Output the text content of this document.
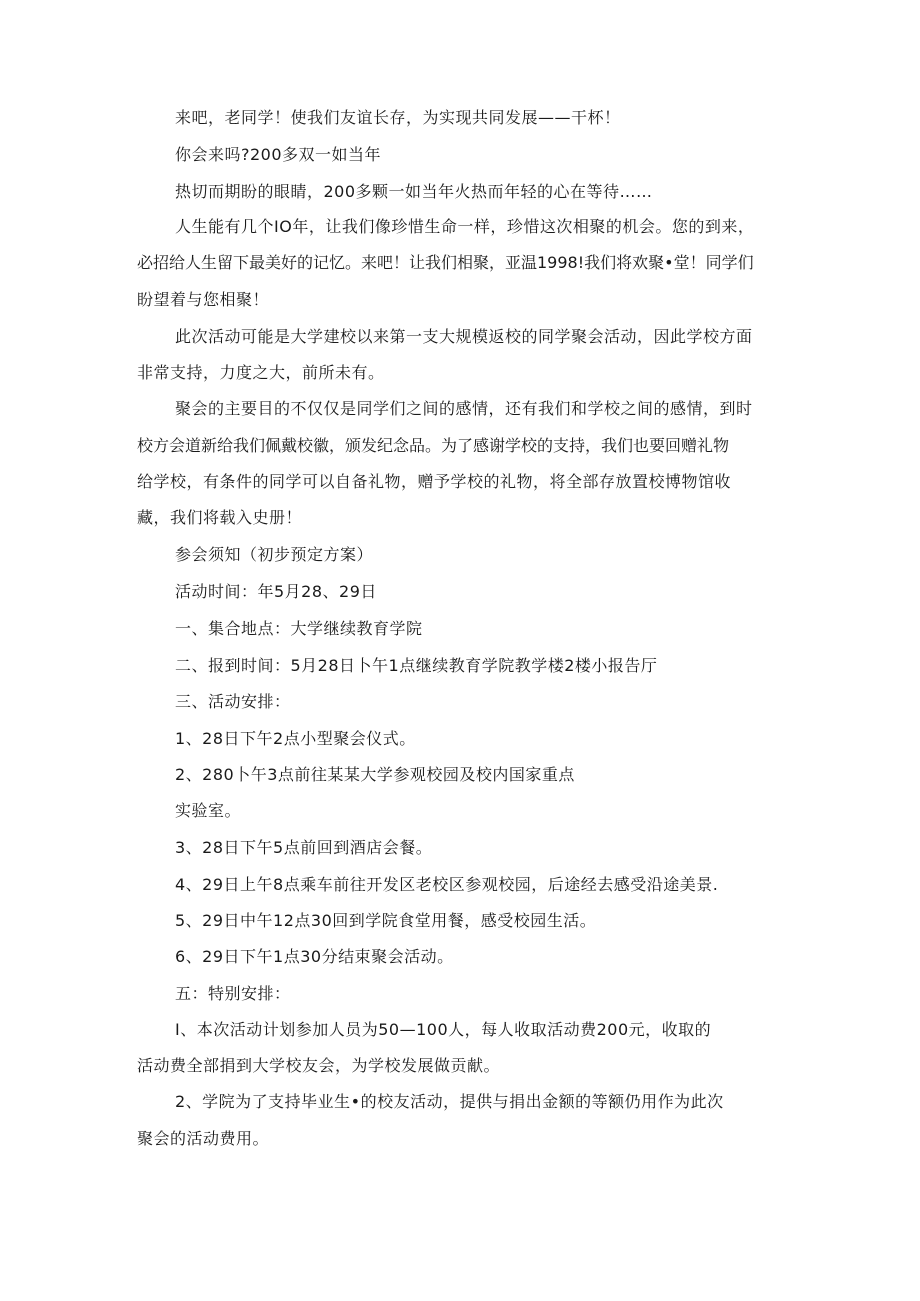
来吧，老同学！使我们友谊长存，为实现共同发展——干杯！
你会来吗?200多双一如当年
热切而期盼的眼睛，200多颗一如当年火热而年轻的心在等待……
人生能有几个IO年，让我们像珍惜生命一样，珍惜这次相聚的机会。您的到来，
必招给人生留下最美好的记忆。来吧！让我们相聚，亚温1998!我们将欢聚•堂！同学们
盼望着与您相聚！
此次活动可能是大学建校以来第一支大规模返校的同学聚会活动，因此学校方面
非常支持，力度之大，前所未有。
聚会的主要目的不仅仅是同学们之间的感情，还有我们和学校之间的感情，到时
校方会道新给我们佩戴校徽，颁发纪念品。为了感谢学校的支持，我们也要回赠礼物
给学校，有条件的同学可以自备礼物，赠予学校的礼物，将全部存放置校博物馆收
藏，我们将载入史册！
参会须知（初步预定方案）
活动时间：年5月28、29日
一、集合地点：大学继续教育学院
二、报到时间：5月28日卜午1点继续教育学院教学楼2楼小报告厅
三、活动安排：
1、28日下午2点小型聚会仪式。
2、280卜午3点前往某某大学参观校园及校内国家重点
实验室。
3、28日下午5点前回到酒店会餐。
4、29日上午8点乘车前往开发区老校区参观校园，后途经去感受沿途美景.
5、29日中午12点30回到学院食堂用餐，感受校园生活。
6、29日下午1点30分结束聚会活动。
五：特别安排：
I、本次活动计划参加人员为50—100人，每人收取活动费200元，收取的
活动费全部捐到大学校友会，为学校发展做贡献。
2、学院为了支持毕业生•的校友活动，提供与捐出金额的等额仍用作为此次
聚会的活动费用。
